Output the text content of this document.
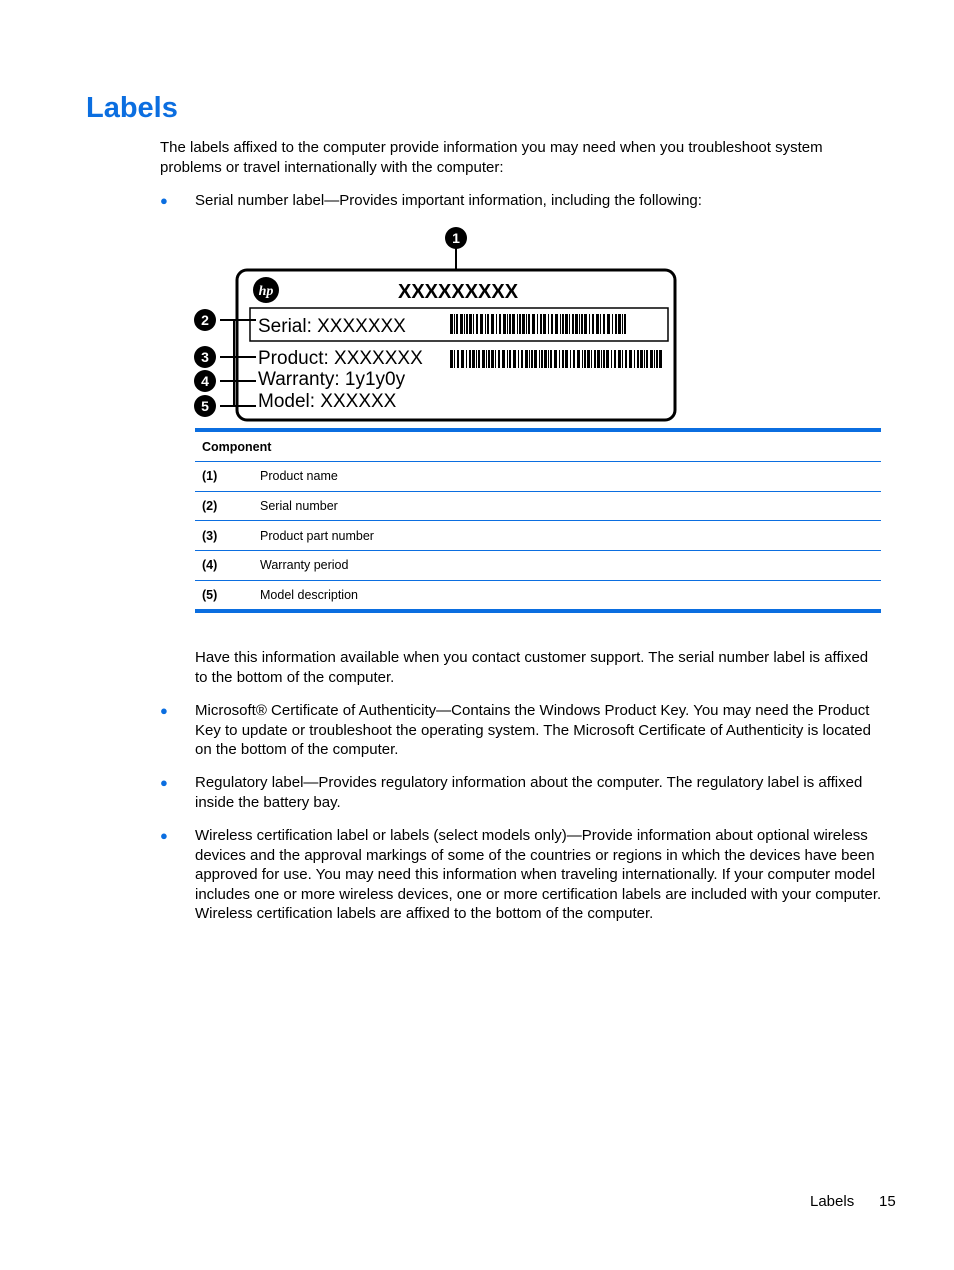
Labels

The labels affixed to the computer provide information you may need when you troubleshoot system problems or travel internationally with the computer:

● Serial number label—Provides important information, including the following:
hp	XXXXXXXXX
Serial: XXXXXXX
Product: XXXXXXX
Warranty: 1y1y0y
Model: XXXXXX
1
2
3
4
5
Component	
(1)	Product name
(2)	Serial number
(3)	Product part number
(4)	Warranty period
(5)	Model description

Have this information available when you contact customer support. The serial number label is affixed to the bottom of the computer.

● Microsoft® Certificate of Authenticity—Contains the Windows Product Key. You may need the Product Key to update or troubleshoot the operating system. The Microsoft Certificate of Authenticity is located on the bottom of the computer.
● Regulatory label—Provides regulatory information about the computer. The regulatory label is affixed inside the battery bay.
● Wireless certification label or labels (select models only)—Provide information about optional wireless devices and the approval markings of some of the countries or regions in which the devices have been approved for use. You may need this information when traveling internationally. If your computer model includes one or more wireless devices, one or more certification labels are included with your computer. Wireless certification labels are affixed to the bottom of the computer.
Labels 15
